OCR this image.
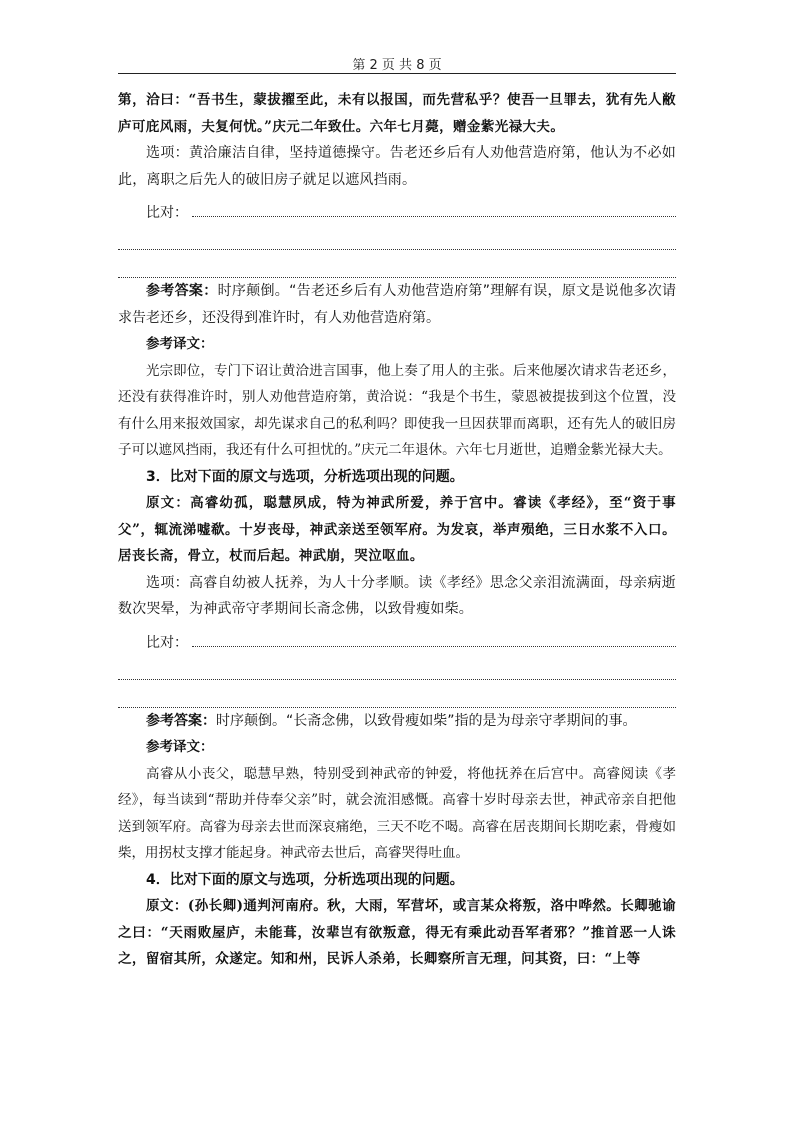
第 2 页 共 8 页

第，洽曰：“吾书生，蒙拔擢至此，未有以报国，而先营私乎？使吾一旦罪去，犹有先人敝庐可庇风雨，夫复何忧。”庆元二年致仕。六年七月薨，赠金紫光禄大夫。

选项：黄洽廉洁自律，坚持道德操守。告老还乡后有人劝他营造府第，他认为不必如此，离职之后先人的破旧房子就足以遮风挡雨。

比对：

参考答案：时序颠倒。“告老还乡后有人劝他营造府第”理解有误，原文是说他多次请求告老还乡，还没得到准许时，有人劝他营造府第。

参考译文：

光宗即位，专门下诏让黄洽进言国事，他上奏了用人的主张。后来他屡次请求告老还乡，还没有获得准许时，别人劝他营造府第，黄洽说：“我是个书生，蒙恩被提拔到这个位置，没有什么用来报效国家，却先谋求自己的私利吗？即使我一旦因获罪而离职，还有先人的破旧房子可以遮风挡雨，我还有什么可担忧的。”庆元二年退休。六年七月逝世，追赠金紫光禄大夫。

3．比对下面的原文与选项，分析选项出现的问题。

原文：高睿幼孤，聪慧夙成，特为神武所爱，养于宫中。睿读《孝经》，至“资于事父”，辄流涕嘘欷。十岁丧母，神武亲送至领军府。为发哀，举声殒绝，三日水浆不入口。居丧长斋，骨立，杖而后起。神武崩，哭泣呕血。

选项：高睿自幼被人抚养，为人十分孝顺。读《孝经》思念父亲泪流满面，母亲病逝数次哭晕，为神武帝守孝期间长斋念佛，以致骨瘦如柴。

比对：

参考答案：时序颠倒。“长斋念佛，以致骨瘦如柴”指的是为母亲守孝期间的事。

参考译文：

高睿从小丧父，聪慧早熟，特别受到神武帝的钟爱，将他抚养在后宫中。高睿阅读《孝经》，每当读到“帮助并侍奉父亲”时，就会流泪感慨。高睿十岁时母亲去世，神武帝亲自把他送到领军府。高睿为母亲去世而深哀痛绝，三天不吃不喝。高睿在居丧期间长期吃素，骨瘦如柴，用拐杖支撑才能起身。神武帝去世后，高睿哭得吐血。

4．比对下面的原文与选项，分析选项出现的问题。

原文：(孙长卿)通判河南府。秋，大雨，军营坏，或言某众将叛，洛中哗然。长卿驰谕之曰：“天雨败屋庐，未能葺，汝辈岂有欲叛意，得无有乘此动吾军者邪？”推首恶一人诛之，留宿其所，众遂定。知和州，民诉人杀弟，长卿察所言无理，问其资，曰：“上等
